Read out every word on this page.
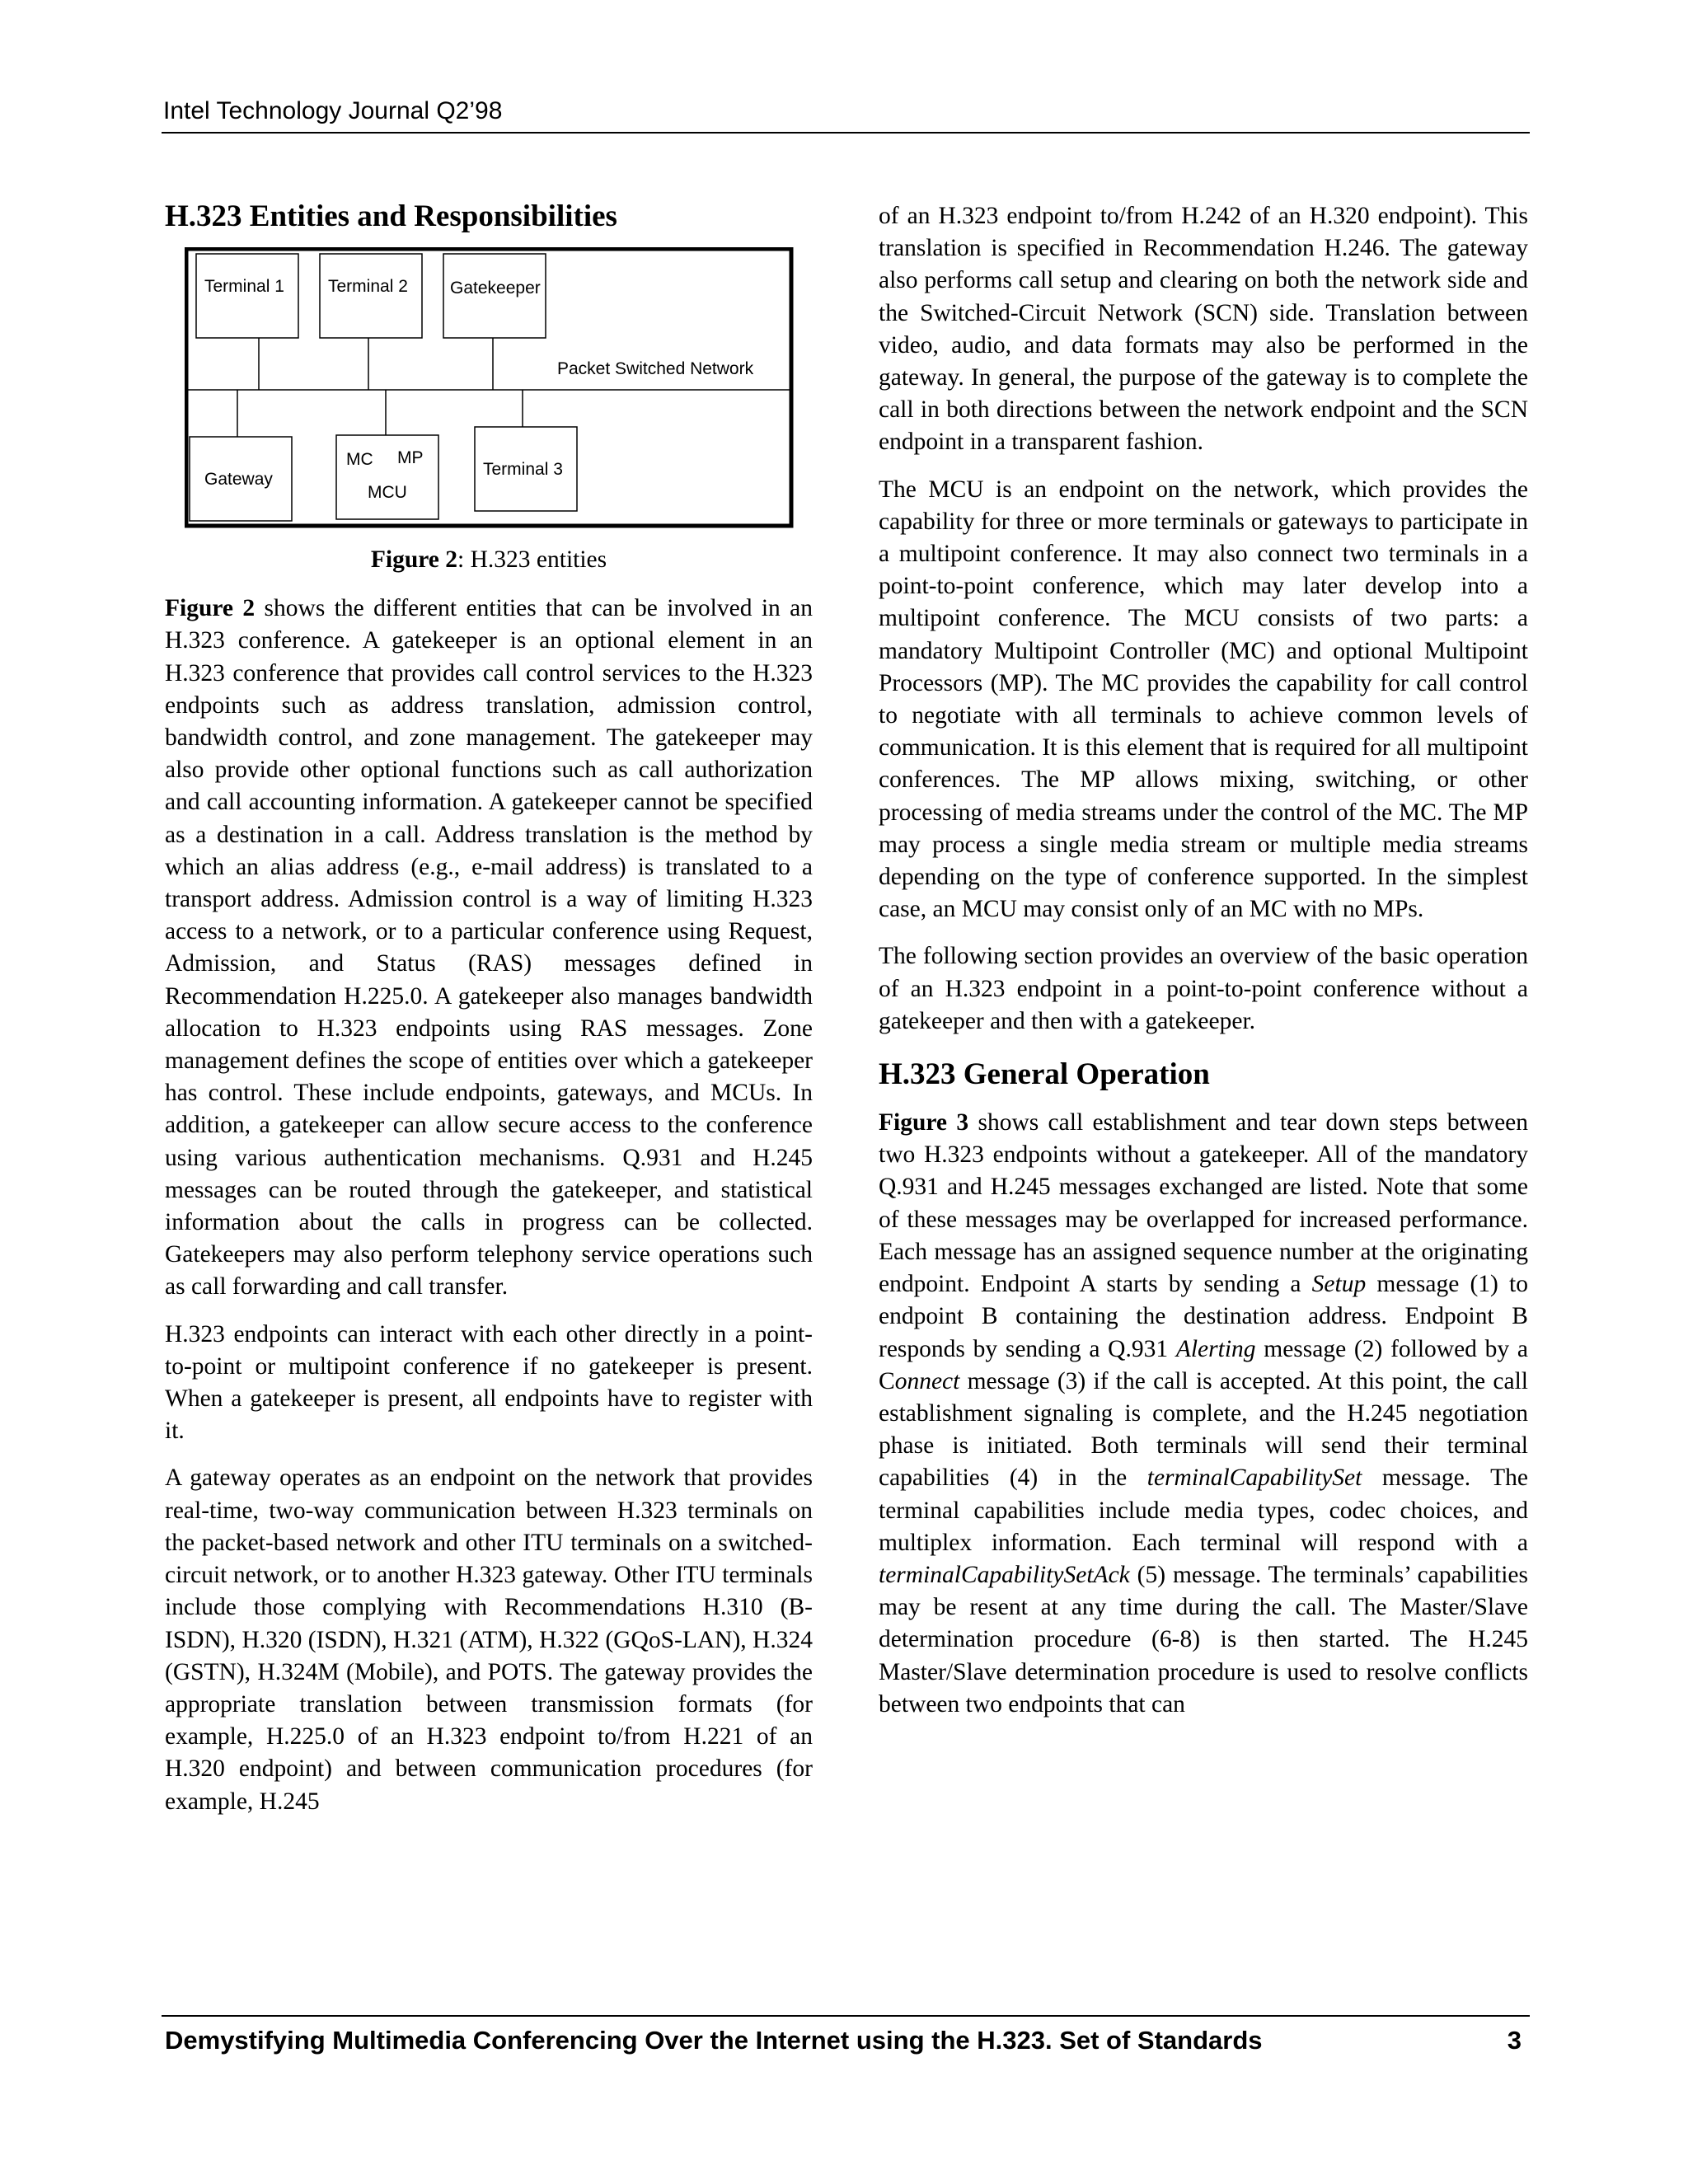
Intel Technology Journal Q2’98
H.323 Entities and Responsibilities
Terminal 1	Terminal 2 Gatekeeper
Packet Switched Network
Gateway
MC MP
MCU
Terminal 3
Figure 2: H.323 entities

Figure 2 shows the different entities that can be involved in an H.323 conference. A gatekeeper is an optional element in an H.323 conference that provides call control services to the H.323 endpoints such as address translation, admission control, bandwidth control, and zone management. The gatekeeper may also provide other optional functions such as call authorization and call accounting information. A gatekeeper cannot be specified as a destination in a call. Address translation is the method by which an alias address (e.g., e-mail address) is translated to a transport address. Admission control is a way of limiting H.323 access to a network, or to a particular conference using Request, Admission, and Status (RAS) messages defined in Recommendation H.225.0. A gatekeeper also manages bandwidth allocation to H.323 endpoints using RAS messages. Zone management defines the scope of entities over which a gatekeeper has control. These include endpoints, gateways, and MCUs. In addition, a gatekeeper can allow secure access to the conference using various authentication mechanisms. Q.931 and H.245 messages can be routed through the gatekeeper, and statistical information about the calls in progress can be collected. Gatekeepers may also perform telephony service operations such as call forwarding and call transfer.

H.323 endpoints can interact with each other directly in a point-to-point or multipoint conference if no gatekeeper is present. When a gatekeeper is present, all endpoints have to register with it.

A gateway operates as an endpoint on the network that provides real-time, two-way communication between H.323 terminals on the packet-based network and other ITU terminals on a switched-circuit network, or to another H.323 gateway. Other ITU terminals include those complying with Recommendations H.310 (B-ISDN), H.320 (ISDN), H.321 (ATM), H.322 (GQoS-LAN), H.324 (GSTN), H.324M (Mobile), and POTS. The gateway provides the appropriate translation between transmission formats (for example, H.225.0 of an H.323 endpoint to/from H.221 of an H.320 endpoint) and between communication procedures (for example, H.245

of an H.323 endpoint to/from H.242 of an H.320 endpoint). This translation is specified in Recommendation H.246. The gateway also performs call setup and clearing on both the network side and the Switched-Circuit Network (SCN) side. Translation between video, audio, and data formats may also be performed in the gateway. In general, the purpose of the gateway is to complete the call in both directions between the network endpoint and the SCN endpoint in a transparent fashion.

The MCU is an endpoint on the network, which provides the capability for three or more terminals or gateways to participate in a multipoint conference. It may also connect two terminals in a point-to-point conference, which may later develop into a multipoint conference. The MCU consists of two parts: a mandatory Multipoint Controller (MC) and optional Multipoint Processors (MP). The MC provides the capability for call control to negotiate with all terminals to achieve common levels of communication. It is this element that is required for all multipoint conferences. The MP allows mixing, switching, or other processing of media streams under the control of the MC. The MP may process a single media stream or multiple media streams depending on the type of conference supported. In the simplest case, an MCU may consist only of an MC with no MPs.

The following section provides an overview of the basic operation of an H.323 endpoint in a point-to-point conference without a gatekeeper and then with a gatekeeper.

H.323 General Operation

Figure 3 shows call establishment and tear down steps between two H.323 endpoints without a gatekeeper. All of the mandatory Q.931 and H.245 messages exchanged are listed. Note that some of these messages may be overlapped for increased performance. Each message has an assigned sequence number at the originating endpoint. Endpoint A starts by sending a Setup message (1) to endpoint B containing the destination address. Endpoint B responds by sending a Q.931 Alerting message (2) followed by a Connect message (3) if the call is accepted. At this point, the call establishment signaling is complete, and the H.245 negotiation phase is initiated. Both terminals will send their terminal capabilities (4) in the terminalCapabilitySet message. The terminal capabilities include media types, codec choices, and multiplex information. Each terminal will respond with a terminalCapabilitySetAck (5) message. The terminals’ capabilities may be resent at any time during the call. The Master/Slave determination procedure (6-8) is then started. The H.245 Master/Slave determination procedure is used to resolve conflicts between two endpoints that can

Demystifying Multimedia Conferencing Over the Internet using the H.323. Set of Standards	3
